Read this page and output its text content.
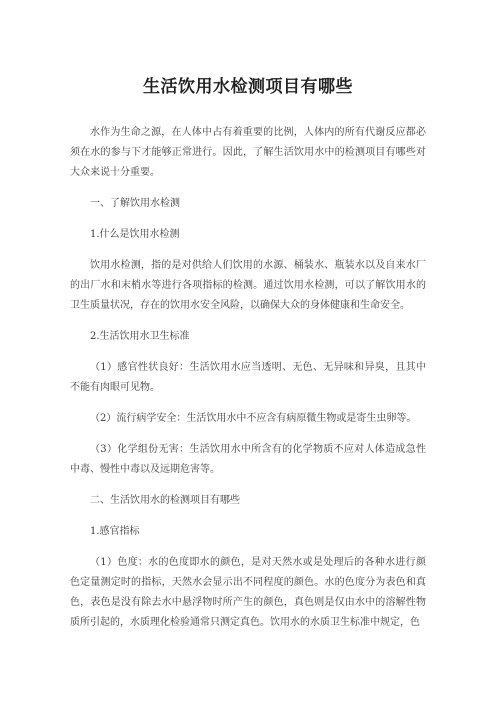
生活饮用水检测项目有哪些

水作为生命之源，在人体中占有着重要的比例，人体内的所有代谢反应都必须在水的参与下才能够正常进行。因此，了解生活饮用水中的检测项目有哪些对大众来说十分重要。

一、了解饮用水检测

1.什么是饮用水检测

饮用水检测，指的是对供给人们饮用的水源、桶装水、瓶装水以及自来水厂的出厂水和末梢水等进行各项指标的检测。通过饮用水检测，可以了解饮用水的卫生质量状况，存在的饮用水安全风险，以确保大众的身体健康和生命安全。

2.生活饮用水卫生标准

（1）感官性状良好：生活饮用水应当透明、无色、无异味和异臭，且其中不能有肉眼可见物。

（2）流行病学安全：生活饮用水中不应含有病原微生物或是寄生虫卵等。

（3）化学组份无害：生活饮用水中所含有的化学物质不应对人体造成急性中毒、慢性中毒以及远期危害等。

二、生活饮用水的检测项目有哪些

1.感官指标

（1）色度：水的色度即水的颜色，是对天然水或是处理后的各种水进行颜色定量测定时的指标，天然水会显示出不同程度的颜色。水的色度分为表色和真色，表色是没有除去水中悬浮物时所产生的颜色，真色则是仅由水中的溶解性物质所引起的，水质理化检验通常只测定真色。饮用水的水质卫生标准中规定，色
